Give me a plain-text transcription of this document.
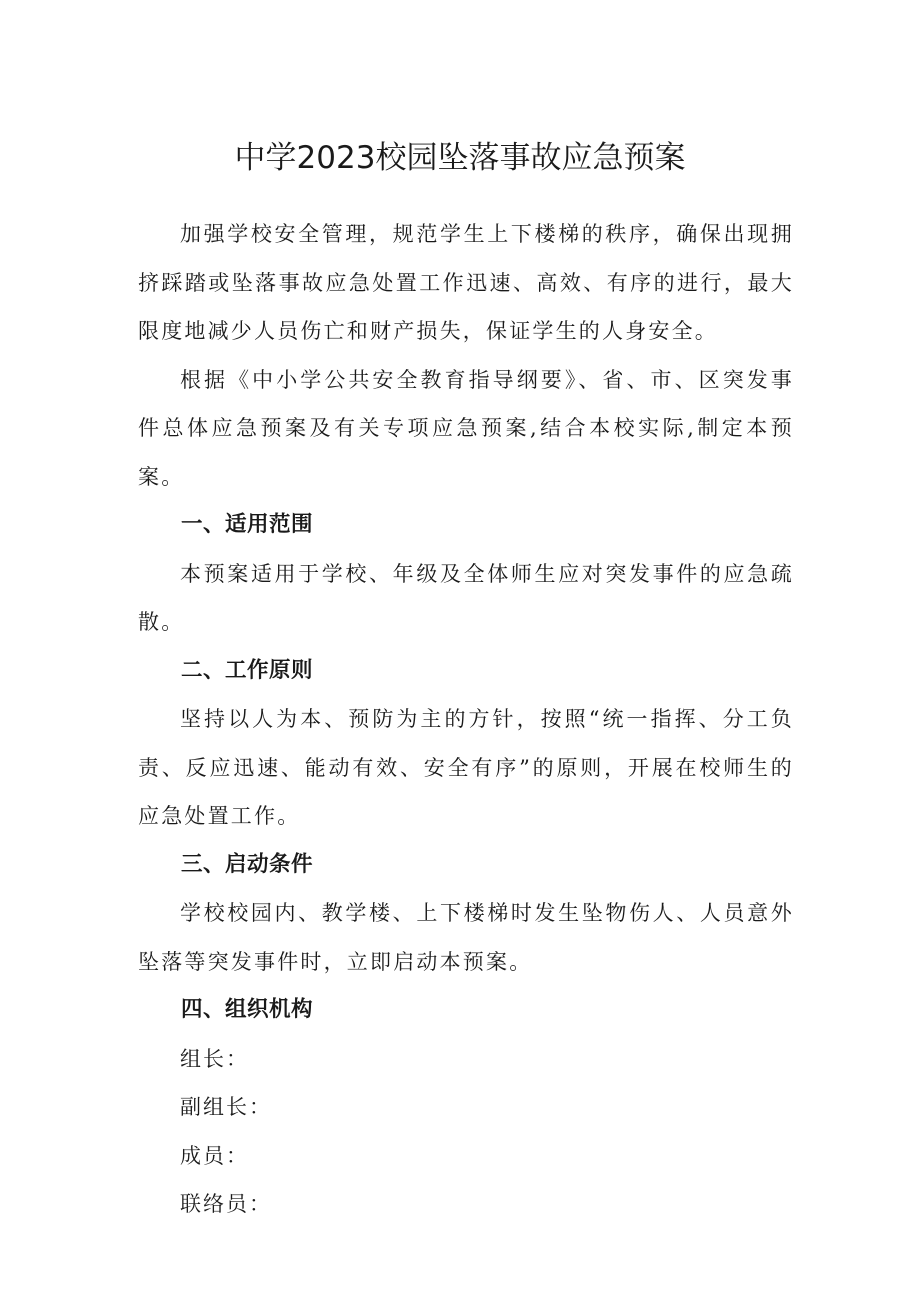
中学2023校园坠落事故应急预案

加强学校安全管理，规范学生上下楼梯的秩序，确保出现拥挤踩踏或坠落事故应急处置工作迅速、高效、有序的进行，最大限度地减少人员伤亡和财产损失，保证学生的人身安全。

根据《中小学公共安全教育指导纲要》、省、市、区突发事件总体应急预案及有关专项应急预案,结合本校实际,制定本预案。

一、适用范围

本预案适用于学校、年级及全体师生应对突发事件的应急疏散。

二、工作原则

坚持以人为本、预防为主的方针，按照“统一指挥、分工负责、反应迅速、能动有效、安全有序”的原则，开展在校师生的应急处置工作。

三、启动条件

学校校园内、教学楼、上下楼梯时发生坠物伤人、人员意外坠落等突发事件时，立即启动本预案。

四、组织机构

组长：

副组长：

成员：

联络员：
